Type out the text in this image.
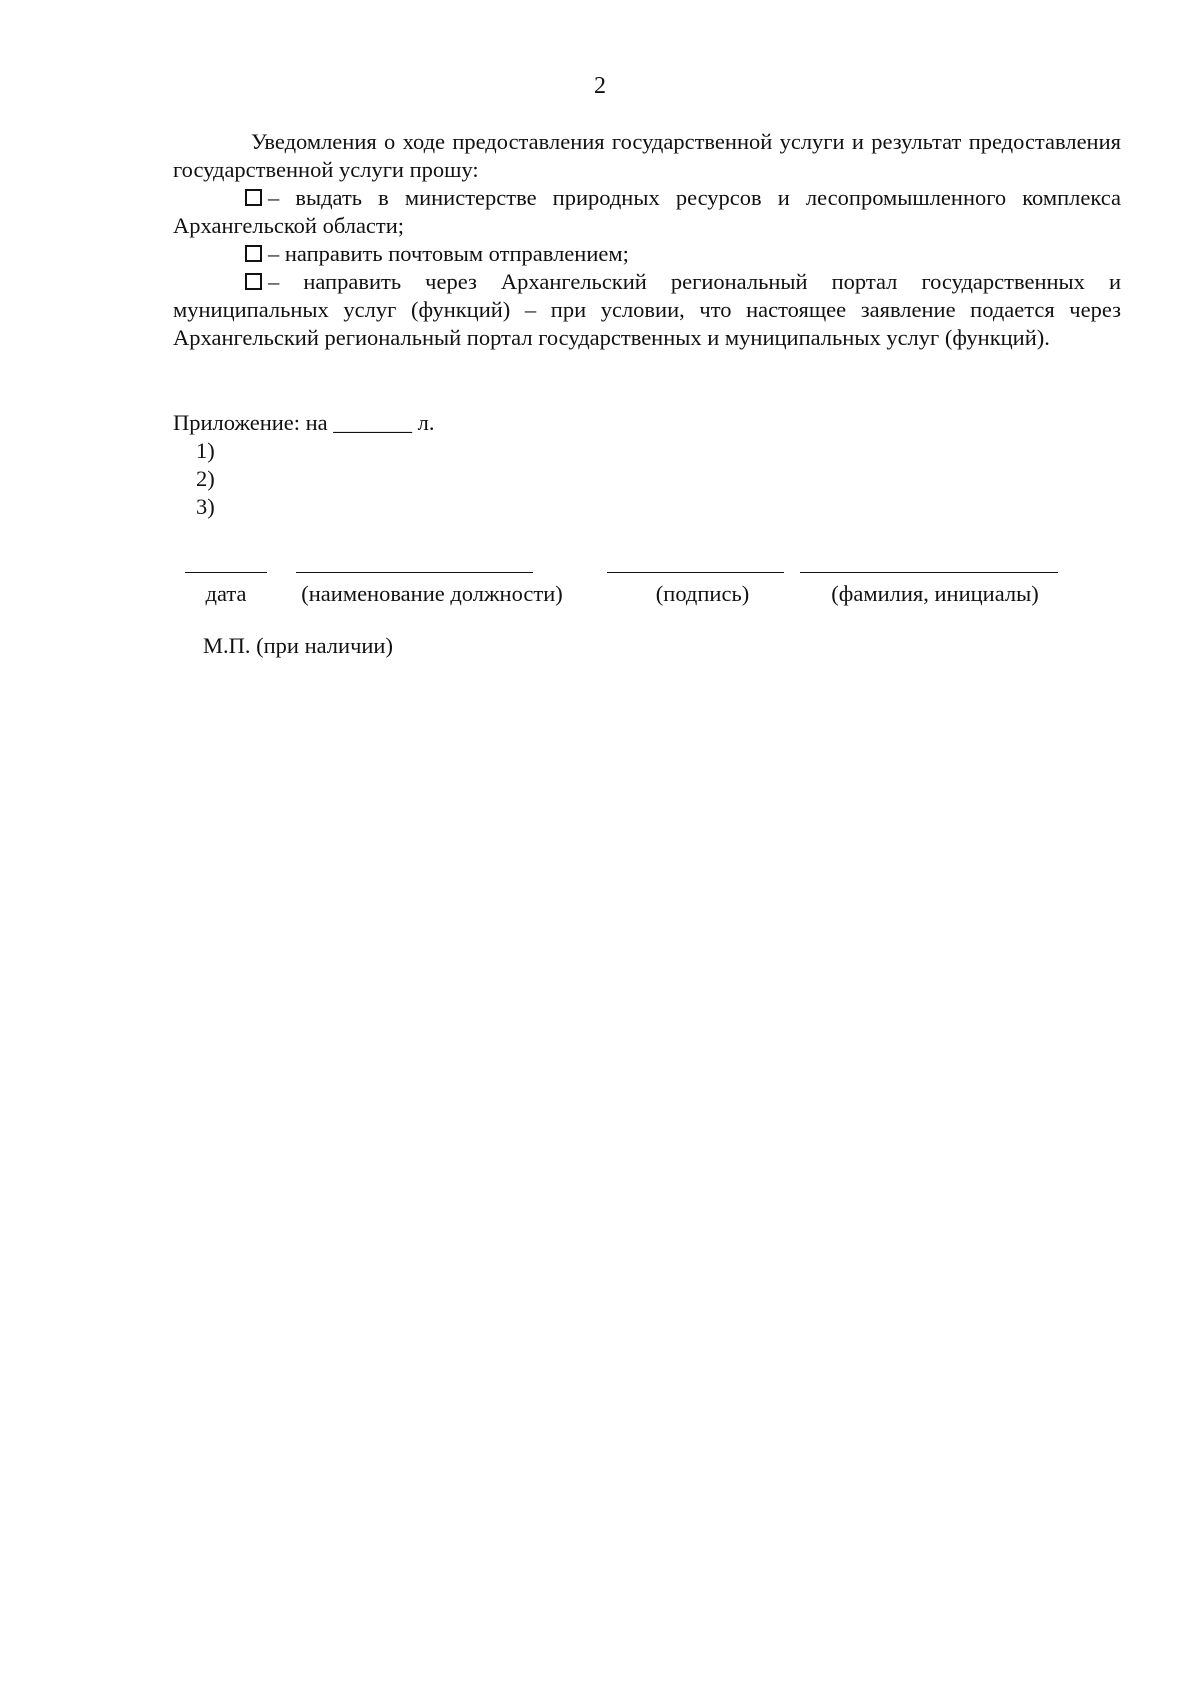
2

Уведомления о ходе предоставления государственной услуги и результат предоставления государственной услуги прошу:

– выдать в министерстве природных ресурсов и лесопромышленного комплекса Архангельской области;

– направить почтовым отправлением;

– направить через Архангельский региональный портал государственных и муниципальных услуг (функций) – при условии, что настоящее заявление подается через Архангельский региональный портал государственных и муниципальных услуг (функций).

Приложение: на _______ л.
1)
2)
3)
дата	(наименование должности)	(подпись)	(фамилия, инициалы)
М.П. (при наличии)
